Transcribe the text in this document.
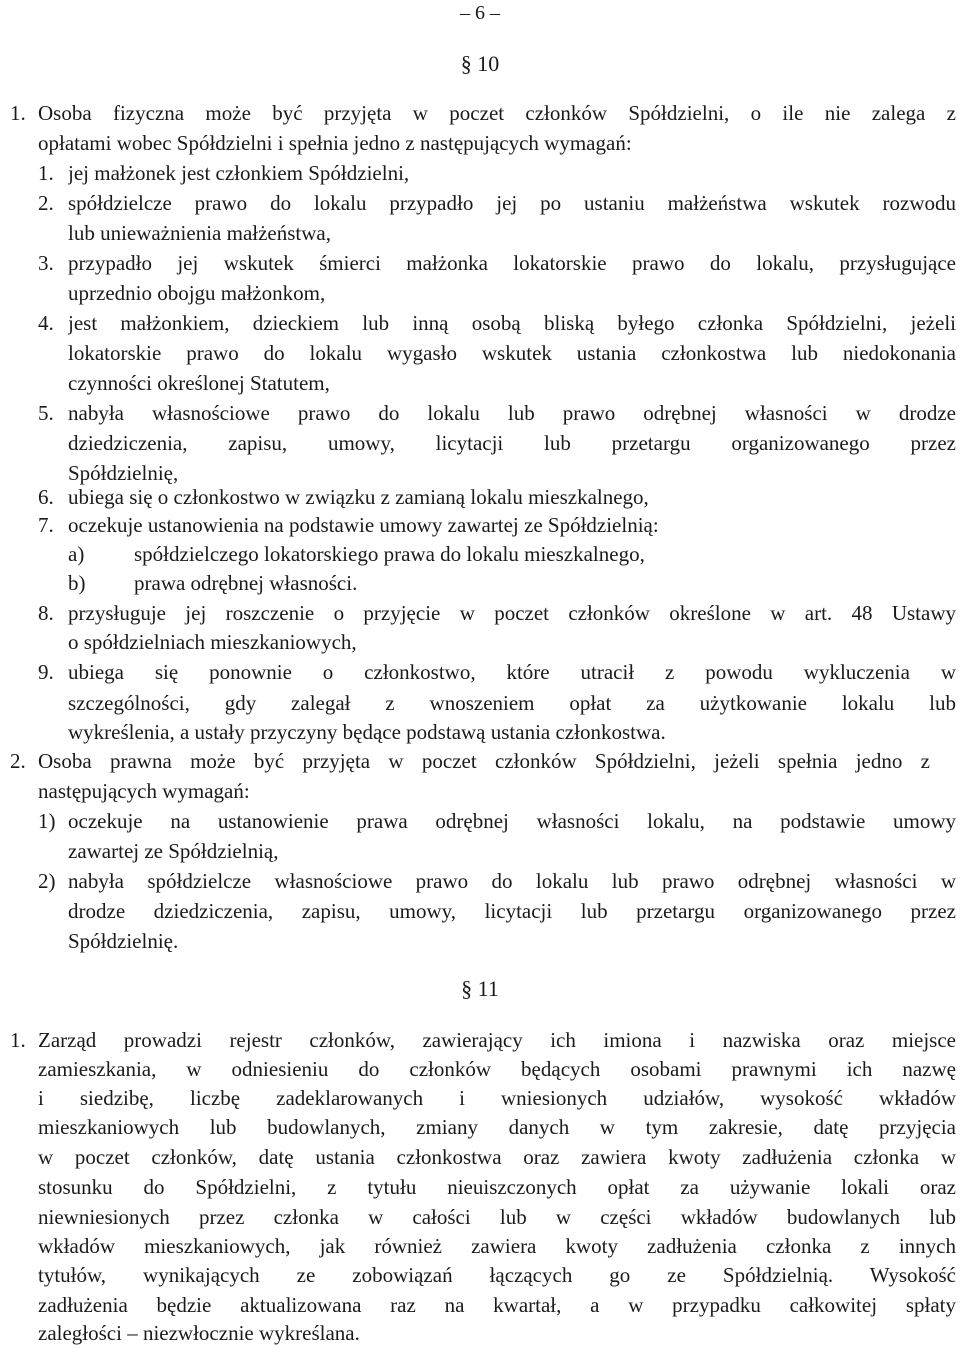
– 6 –
§ 10
1. Osoba fizyczna może być przyjęta w poczet członków Spółdzielni, o ile nie zalega z
opłatami wobec Spółdzielni i spełnia jedno z następujących wymagań:
1. jej małżonek jest członkiem Spółdzielni,
2. spółdzielcze prawo do lokalu przypadło jej po ustaniu małżeństwa wskutek rozwodu
lub unieważnienia małżeństwa,
3. przypadło jej wskutek śmierci małżonka lokatorskie prawo do lokalu, przysługujące
uprzednio obojgu małżonkom,
4. jest małżonkiem, dzieckiem lub inną osobą bliską byłego członka Spółdzielni, jeżeli
lokatorskie prawo do lokalu wygasło wskutek ustania członkostwa lub niedokonania
czynności określonej Statutem,
5. nabyła własnościowe prawo do lokalu lub prawo odrębnej własności w drodze
dziedziczenia, zapisu, umowy, licytacji lub przetargu organizowanego przez
Spółdzielnię,
6. ubiega się o członkostwo w związku z zamianą lokalu mieszkalnego,
7. oczekuje ustanowienia na podstawie umowy zawartej ze Spółdzielnią:
a) spółdzielczego lokatorskiego prawa do lokalu mieszkalnego,
b) prawa odrębnej własności.
8. przysługuje jej roszczenie o przyjęcie w poczet członków określone w art. 48 Ustawy
o spółdzielniach mieszkaniowych,
9. ubiega się ponownie o członkostwo, które utracił z powodu wykluczenia w
szczególności, gdy zalegał z wnoszeniem opłat za użytkowanie lokalu lub
wykreślenia, a ustały przyczyny będące podstawą ustania członkostwa.
2. Osoba prawna może być przyjęta w poczet członków Spółdzielni, jeżeli spełnia jedno z
następujących wymagań:
1) oczekuje na ustanowienie prawa odrębnej własności lokalu, na podstawie umowy
zawartej ze Spółdzielnią,
2) nabyła spółdzielcze własnościowe prawo do lokalu lub prawo odrębnej własności w
drodze dziedziczenia, zapisu, umowy, licytacji lub przetargu organizowanego przez
Spółdzielnię.
§ 11
1. Zarząd prowadzi rejestr członków, zawierający ich imiona i nazwiska oraz miejsce
zamieszkania, w odniesieniu do członków będących osobami prawnymi ich nazwę
i siedzibę, liczbę zadeklarowanych i wniesionych udziałów, wysokość wkładów
mieszkaniowych lub budowlanych, zmiany danych w tym zakresie, datę przyjęcia
w poczet członków, datę ustania członkostwa oraz zawiera kwoty zadłużenia członka w
stosunku do Spółdzielni, z tytułu nieuiszczonych opłat za używanie lokali oraz
niewniesionych przez członka w całości lub w części wkładów budowlanych lub
wkładów mieszkaniowych, jak również zawiera kwoty zadłużenia członka z innych
tytułów, wynikających ze zobowiązań łączących go ze Spółdzielnią. Wysokość
zadłużenia będzie aktualizowana raz na kwartał, a w przypadku całkowitej spłaty
zaległości – niezwłocznie wykreślana.
